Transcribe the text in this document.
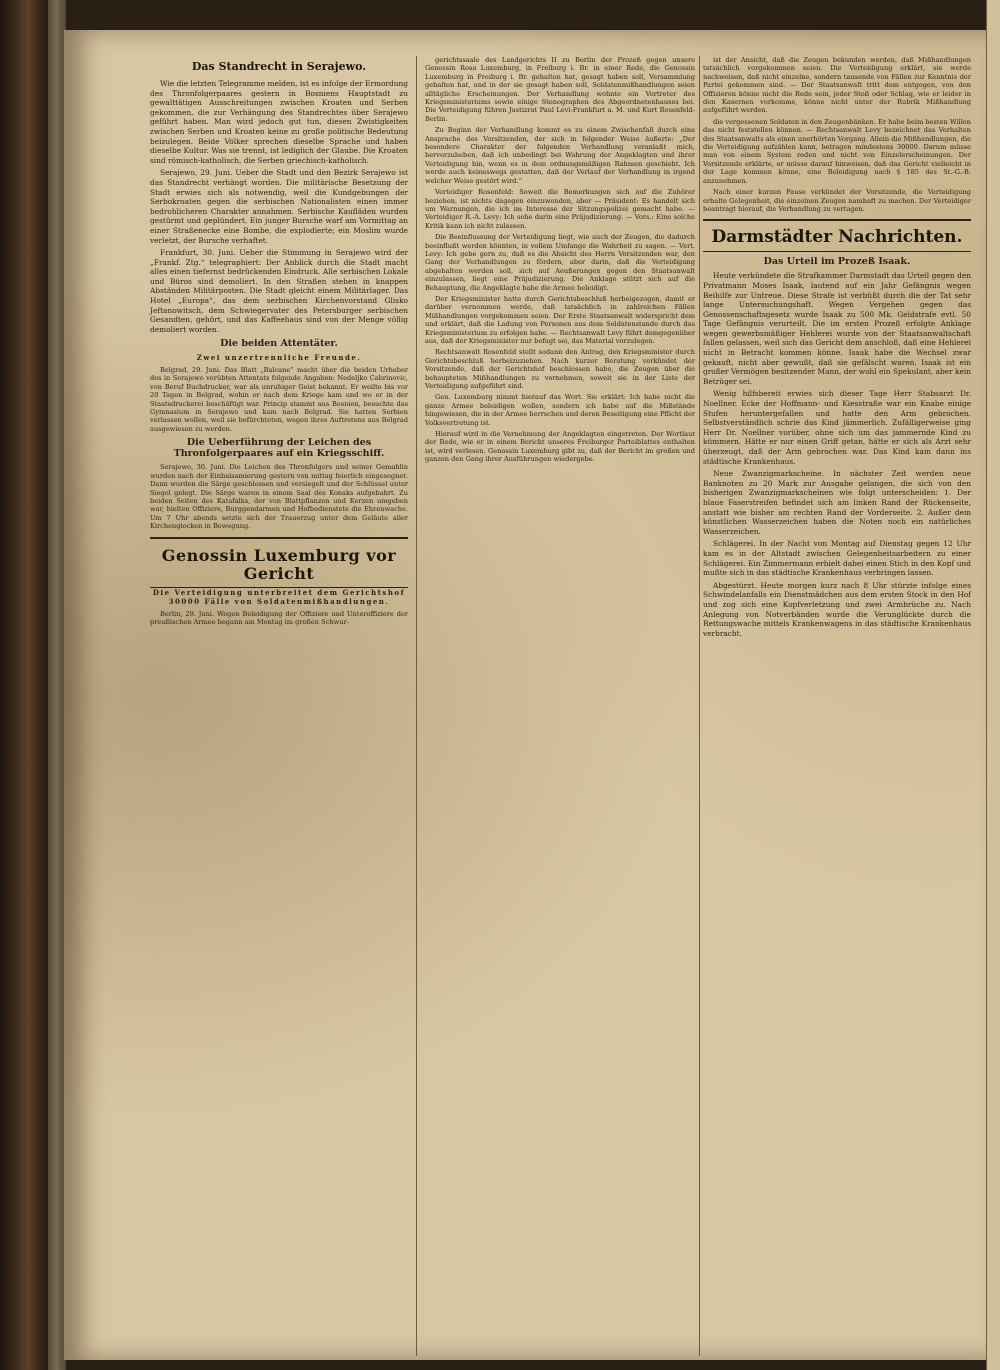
Das Standrecht in Serajewo.

Wie die letzten Telegramme melden, ist es infolge der Ermordung des Thronfolgerpaares gestern in Bosniens Hauptstadt zu gewalttätigen Ausschreitungen zwischen Kroaten und Serben gekommen, die zur Verhängung des Standrechtes über Serajewo geführt haben. Man wird jedoch gut tun, diesen Zwistigkeiten zwischen Serben und Kroaten keine zu große politische Bedeutung beizulegen. Beide Völker sprechen dieselbe Sprache und haben dieselbe Kultur. Was sie trennt, ist lediglich der Glaube. Die Kroaten sind römisch-katholisch, die Serben griechisch-katholisch.

Serajewo, 29. Juni. Ueber die Stadt und den Bezirk Serajewo ist das Standrecht verhängt worden. Die militärische Besetzung der Stadt erwies sich als notwendig, weil die Kundgebungen der Serbokroaten gegen die serbischen Nationalisten einen immer bedrohlicheren Charakter annahmen. Serbische Kaufläden wurden gestürmt und geplündert. Ein junger Bursche warf am Vormittag an einer Straßenecke eine Bombe, die explodierte; ein Moslim wurde verletzt, der Bursche verhaftet.

Frankfurt, 30. Juni. Ueber die Stimmung in Serajewo wird der „Frankf. Ztg.“ telegraphiert: Der Anblick durch die Stadt macht alles einen tiefernst bedrückenden Eindruck. Alle serbischen Lokale und Büros sind demoliert. In den Straßen stehen in knappen Abständen Militärposten. Die Stadt gleicht einem Militärlager. Das Hotel „Europa“, das dem serbischen Kirchenvorstand Glisko Jeftanowitsch, dem Schwiegervater des Petersburger serbischen Gesandten, gehört, und das Kaffeehaus sind von der Menge völlig demoliert worden.

Die beiden Attentäter.
Zwei unzertrennliche Freunde.

Belgrad, 29. Juni. Das Blatt „Balcane“ macht über die beiden Urheber des in Serajewo verübten Attentats folgende Angaben: Nedeljko Cabrinovic, von Beruf Buchdrucker, war als unruhiger Geist bekannt. Er weilte bis vor 20 Tagen in Belgrad, wohin er nach dem Kriege kam und wo er in der Staatsdruckerei beschäftigt war. Princip stammt aus Bosnien, besuchte das Gymnasium in Serajewo und kam nach Belgrad. Sie hatten Serbien verlassen wollen, weil sie befürchteten, wegen ihres Auftretens aus Belgrad ausgewiesen zu werden.

Die Ueberführung der Leichen des Thronfolgerpaares auf ein Kriegsschiff.

Serajewo, 30. Juni. Die Leichen des Thronfolgers und seiner Gemahlin wurden nach der Einbalsamierung gestern von mittag feierlich eingesegnet. Dann wurden die Särge geschlossen und versiegelt und der Schlüssel unter Siegel gelegt. Die Särge waren in einem Saal des Konaks aufgebahrt. Zu beiden Seiten des Katafalks, der von Blattpflanzen und Kerzen umgeben war, hielten Offiziere, Burggendarmen und Hofbedienstete die Ehrenwache. Um 7 Uhr abends setzte sich der Trauerzug unter dem Geläute aller Kirchenglocken in Bewegung.

Genossin Luxemburg vor Gericht
Die Verteidigung unterbreitet dem Gerichtshof 30000 Fälle von Soldatenmißhandlungen.

Berlin, 29. Juni. Wegen Beleidigung der Offiziere und Unteroffiziere der preußischen Armee begann am Montag im großen Schwur-

gerichtssaale des Landgerichts II zu Berlin der Prozeß gegen unsere Genossin Rosa Luxemburg, in Freiburg i. Br. in einer Rede, die Genossin Luxemburg in Freiburg i. Br. gehalten hat, gesagt haben soll, Versammlung gehalten hat, und in der sie gesagt haben soll, Soldatenmißhandlungen seien alltägliche Erscheinungen. Der Verhandlung wohnte ein Vertreter des Kriegsministeriums sowie einige Stenographen des Abgeordnetenhauses bei. Die Verteidigung führen Justizrat Paul Levi-Frankfurt a. M. und Kurt Rosenfeld-Berlin.

Zu Beginn der Verhandlung kommt es zu einem Zwischenfall durch eine Ansprache des Vorsitzenden, der sich in folgender Weise äußerte: „Der besondere Charakter der folgenden Verhandlung veranlaßt mich, hervorzuheben, daß ich unbedingt bei Wahrung der Angeklagten und ihrer Verteidigung bin, wenn es in dem ordnungsmäßigen Rahmen geschieht. Ich werde auch keineswegs gestatten, daß der Verlauf der Verhandlung in irgend welcher Weise gestört wird.“

Verteidiger Rosenfeld: Soweit die Bemerkungen sich auf die Zuhörer beziehen, ist nichts dagegen einzuwenden, aber — Präsident: Es handelt sich um Warnungen, die ich im Interesse der Sitzungspolizei gemacht habe. — Verteidiger R.-A. Levy: Ich sehe darin eine Präjudizierung. — Vors.: Eine solche Kritik kann ich nicht zulassen.

Die Beeinflussung der Verteidigung liegt, wie auch der Zeugen, die dadurch beeinflußt werden könnten, in vollem Umfange die Wahrheit zu sagen. — Vert. Levy: Ich gebe gern zu, daß es die Absicht des Herrn Vorsitzenden war, den Gang der Verhandlungen zu fördern, aber darin, daß die Verteidigung abgehalten werden soll, sich auf Aeußerungen gegen den Staatsanwalt einzulassen, liegt eine Präjudizierung. Die Anklage stützt sich auf die Behauptung, die Angeklagte habe die Armee beleidigt.

Der Kriegsminister hatte durch Gerichtsbeschluß herbeigezogen, damit er darüber vernommen werde, daß tatsächlich in zahlreichen Fällen Mißhandlungen vorgekommen seien. Der Erste Staatsanwalt widerspricht dem und erklärt, daß die Ladung von Personen aus dem Soldatenstande durch das Kriegsministerium zu erfolgen habe. — Rechtsanwalt Levy führt demgegenüber aus, daß der Kriegsminister nur befugt sei, das Material vorzulegen.

Rechtsanwalt Rosenfeld stellt sodann den Antrag, den Kriegsminister durch Gerichtsbeschluß herbeizuziehen. Nach kurzer Beratung verkündet der Vorsitzende, daß der Gerichtshof beschlossen habe, die Zeugen über die behaupteten Mißhandlungen zu vernehmen, soweit sie in der Liste der Verteidigung aufgeführt sind.

Gen. Luxemburg nimmt hierauf das Wort. Sie erklärt: Ich habe nicht die ganze Armee beleidigen wollen, sondern ich habe auf die Mißstände hingewiesen, die in der Armee herrschen und deren Beseitigung eine Pflicht der Volksvertretung ist.

Hierauf wird in die Vernehmung der Angeklagten eingetreten. Der Wortlaut der Rede, wie er in einem Bericht unseres Freiburger Parteiblattes enthalten ist, wird verlesen. Genossin Luxemburg gibt zu, daß der Bericht im großen und ganzen den Gang ihrer Ausführungen wiedergebe.

ist der Ansicht, daß die Zeugen bekunden werden, daß Mißhandlungen tatsächlich vorgekommen seien. Die Verteidigung erklärt, sie werde nachweisen, daß nicht einzelne, sondern tausende von Fällen zur Kenntnis der Partei gekommen sind. — Der Staatsanwalt tritt dem entgegen, von den Offizieren könne nicht die Rede sein, jeder Stoß oder Schlag, wie er leider in den Kasernen vorkomme, könne nicht unter der Rubrik Mißhandlung aufgeführt werden.

die vergessenen Soldaten in den Zeugenbänken. Er habe beim besten Willen das nicht feststellen können. — Rechtsanwalt Levy bezeichnet das Verhalten des Staatsanwalts als einen unerhörten Vorgang. Allein die Mißhandlungen, die die Verteidigung aufzählen kann, betragen mindestens 30000. Darum müsse man von einem System reden und nicht von Einzelerscheinungen. Der Vorsitzende erklärte, er müsse darauf hinweisen, daß das Gericht vielleicht in der Lage kommen könne, eine Beleidigung nach § 185 des St.-G.-B. anzunehmen.

Nach einer kurzen Pause verkündet der Vorsitzende, die Verteidigung erhalte Gelegenheit, die einzelnen Zeugen namhaft zu machen. Der Verteidiger beantragt hierauf, die Verhandlung zu vertagen.

Darmstädter Nachrichten.
Das Urteil im Prozeß Isaak.

Heute verkündete die Strafkammer Darmstadt das Urteil gegen den Privatmann Moses Isaak, lautend auf ein Jahr Gefängnis wegen Beihilfe zur Untreue. Diese Strafe ist verbüßt durch die der Tat sehr lange Untersuchungshaft. Wegen Vergehen gegen das Genossenschaftsgesetz wurde Isaak zu 500 Mk. Geldstrafe evtl. 50 Tage Gefängnis verurteilt. Die im ersten Prozeß erfolgte Anklage wegen gewerbsmäßiger Hehlerei wurde von der Staatsanwaltschaft fallen gelassen, weil sich das Gericht dem anschloß, daß eine Hehlerei nicht in Betracht kommen könne. Isaak habe die Wechsel zwar gekauft, nicht aber gewußt, daß sie gefälscht waren. Isaak ist ein großer Vermögen besitzender Mann, der wohl ein Spekulant, aber kein Betrüger sei.

Wenig hilfsbereit erwies sich dieser Tage Herr Stabsarzt Dr. Noellner. Ecke der Hoffmann- und Kiesstraße war ein Knabe einige Stufen heruntergefallen und hatte den Arm gebrochen. Selbstverständlich schrie das Kind jämmerlich. Zufälligerweise ging Herr Dr. Noellner vorüber, ohne sich um das jammernde Kind zu kümmern. Hätte er nur einen Griff getan, hätte er sich als Arzt sehr überzeugt, daß der Arm gebrochen war. Das Kind kam dann ins städtische Krankenhaus.

Neue Zwanzigmarkscheine. In nächster Zeit werden neue Banknoten zu 20 Mark zur Ausgabe gelangen, die sich von den bisherigen Zwanzigmarkscheinen wie folgt unterscheiden: 1. Der blaue Faserstreifen befindet sich am linken Rand der Rückenseite, anstatt wie bisher am rechten Rand der Vorderseite. 2. Außer dem künstlichen Wasserzeichen haben die Noten noch ein natürliches Wasserzeichen.

Schlägerei. In der Nacht von Montag auf Dienstag gegen 12 Uhr kam es in der Altstadt zwischen Gelegenheitsarbeitern zu einer Schlägerei. Ein Zimmermann erhielt dabei einen Stich in den Kopf und mußte sich in das städtische Krankenhaus verbringen lassen.

Abgestürzt. Heute morgen kurz nach 8 Uhr stürzte infolge eines Schwindelanfalls ein Dienstmädchen aus dem ersten Stock in den Hof und zog sich eine Kopfverletzung und zwei Armbrüche zu. Nach Anlegung von Notverbänden wurde die Verunglückte durch die Rettungswache mittels Krankenwagens in das städtische Krankenhaus verbracht.
